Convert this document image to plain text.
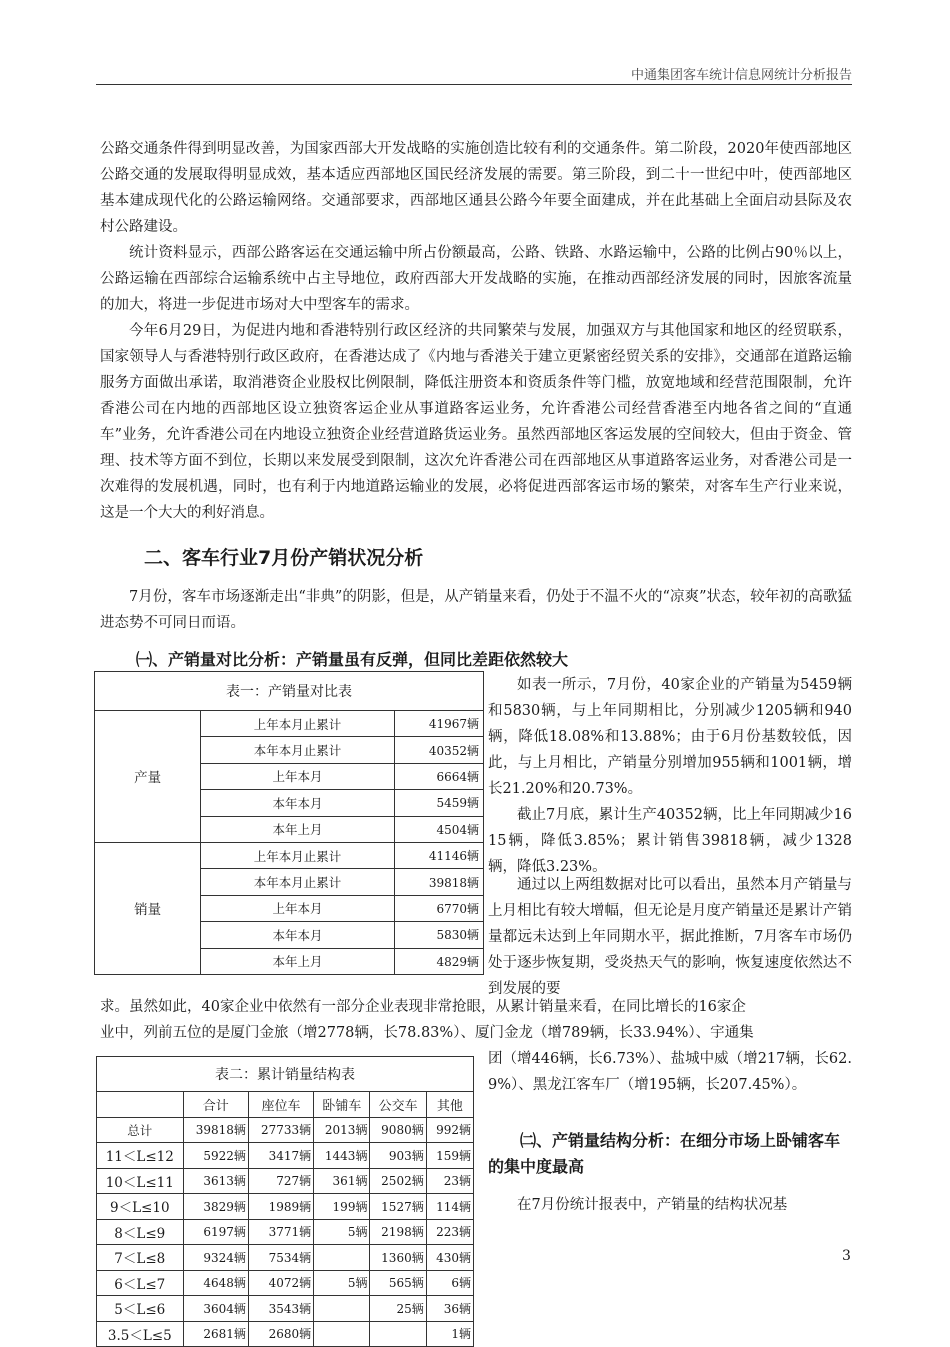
中通集团客车统计信息网统计分析报告

公路交通条件得到明显改善，为国家西部大开发战略的实施创造比较有利的交通条件。第二阶段，2020年使西部地区公路交通的发展取得明显成效，基本适应西部地区国民经济发展的需要。第三阶段，到二十一世纪中叶，使西部地区基本建成现代化的公路运输网络。交通部要求，西部地区通县公路今年要全面建成，并在此基础上全面启动县际及农村公路建设。

统计资料显示，西部公路客运在交通运输中所占份额最高，公路、铁路、水路运输中，公路的比例占90％以上，公路运输在西部综合运输系统中占主导地位，政府西部大开发战略的实施，在推动西部经济发展的同时，因旅客流量的加大，将进一步促进市场对大中型客车的需求。

今年6月29日，为促进内地和香港特别行政区经济的共同繁荣与发展，加强双方与其他国家和地区的经贸联系，国家领导人与香港特别行政区政府，在香港达成了《内地与香港关于建立更紧密经贸关系的安排》，交通部在道路运输服务方面做出承诺，取消港资企业股权比例限制，降低注册资本和资质条件等门槛，放宽地域和经营范围限制，允许香港公司在内地的西部地区设立独资客运企业从事道路客运业务，允许香港公司经营香港至内地各省之间的“直通车”业务，允许香港公司在内地设立独资企业经营道路货运业务。虽然西部地区客运发展的空间较大，但由于资金、管理、技术等方面不到位，长期以来发展受到限制，这次允许香港公司在西部地区从事道路客运业务，对香港公司是一次难得的发展机遇，同时，也有利于内地道路运输业的发展，必将促进西部客运市场的繁荣，对客车生产行业来说，这是一个大大的利好消息。

二、客车行业7月份产销状况分析

7月份，客车市场逐渐走出“非典”的阴影，但是，从产销量来看，仍处于不温不火的“凉爽”状态，较年初的高歌猛进态势不可同日而语。

㈠、产销量对比分析：产销量虽有反弹，但同比差距依然较大
表一：产销量对比表		
产量	上年本月止累计	41967辆
	本年本月止累计	40352辆
	上年本月	6664辆
	本年本月	5459辆
	本年上月	4504辆
销量	上年本月止累计	41146辆
	本年本月止累计	39818辆
	上年本月	6770辆
	本年本月	5830辆
	本年上月	4829辆

如表一所示，7月份，40家企业的产销量为5459辆和5830辆，与上年同期相比，分别减少1205辆和940辆，降低18.08%和13.88%；由于6月份基数较低，因此，与上月相比，产销量分别增加955辆和1001辆，增长21.20%和20.73%。

截止7月底，累计生产40352辆，比上年同期减少1615辆，降低3.85%；累计销售39818辆，减少1328辆，降低3.23%。

通过以上两组数据对比可以看出，虽然本月产销量与上月相比有较大增幅，但无论是月度产销量还是累计产销量都远未达到上年同期水平，据此推断，7月客车市场仍处于逐步恢复期，受炎热天气的影响，恢复速度依然达不到发展的要

求。虽然如此，40家企业中依然有一部分企业表现非常抢眼，从累计销量来看，在同比增长的16家企

业中，列前五位的是厦门金旅（增2778辆，长78.83%）、厦门金龙（增789辆，长33.94%）、宇通集

表二：累计销量结构表					
	合计	座位车	卧铺车	公交车	其他
总计	39818辆	27733辆	2013辆	9080辆	992辆
11＜L≤12	5922辆	3417辆	1443辆	903辆	159辆
10＜L≤11	3613辆	727辆	361辆	2502辆	23辆
9＜L≤10	3829辆	1989辆	199辆	1527辆	114辆
8＜L≤9	6197辆	3771辆	5辆	2198辆	223辆
7＜L≤8	9324辆	7534辆		1360辆	430辆
6＜L≤7	4648辆	4072辆	5辆	565辆	6辆
5＜L≤6	3604辆	3543辆		25辆	36辆
3.5＜L≤5	2681辆	2680辆			1辆

团（增446辆，长6.73%）、盐城中威（增217辆，长62.9%）、黑龙江客车厂（增195辆，长207.45%）。

㈡、产销量结构分析：在细分市场上卧铺客车的集中度最高

在7月份统计报表中，产销量的结构状况基

3
